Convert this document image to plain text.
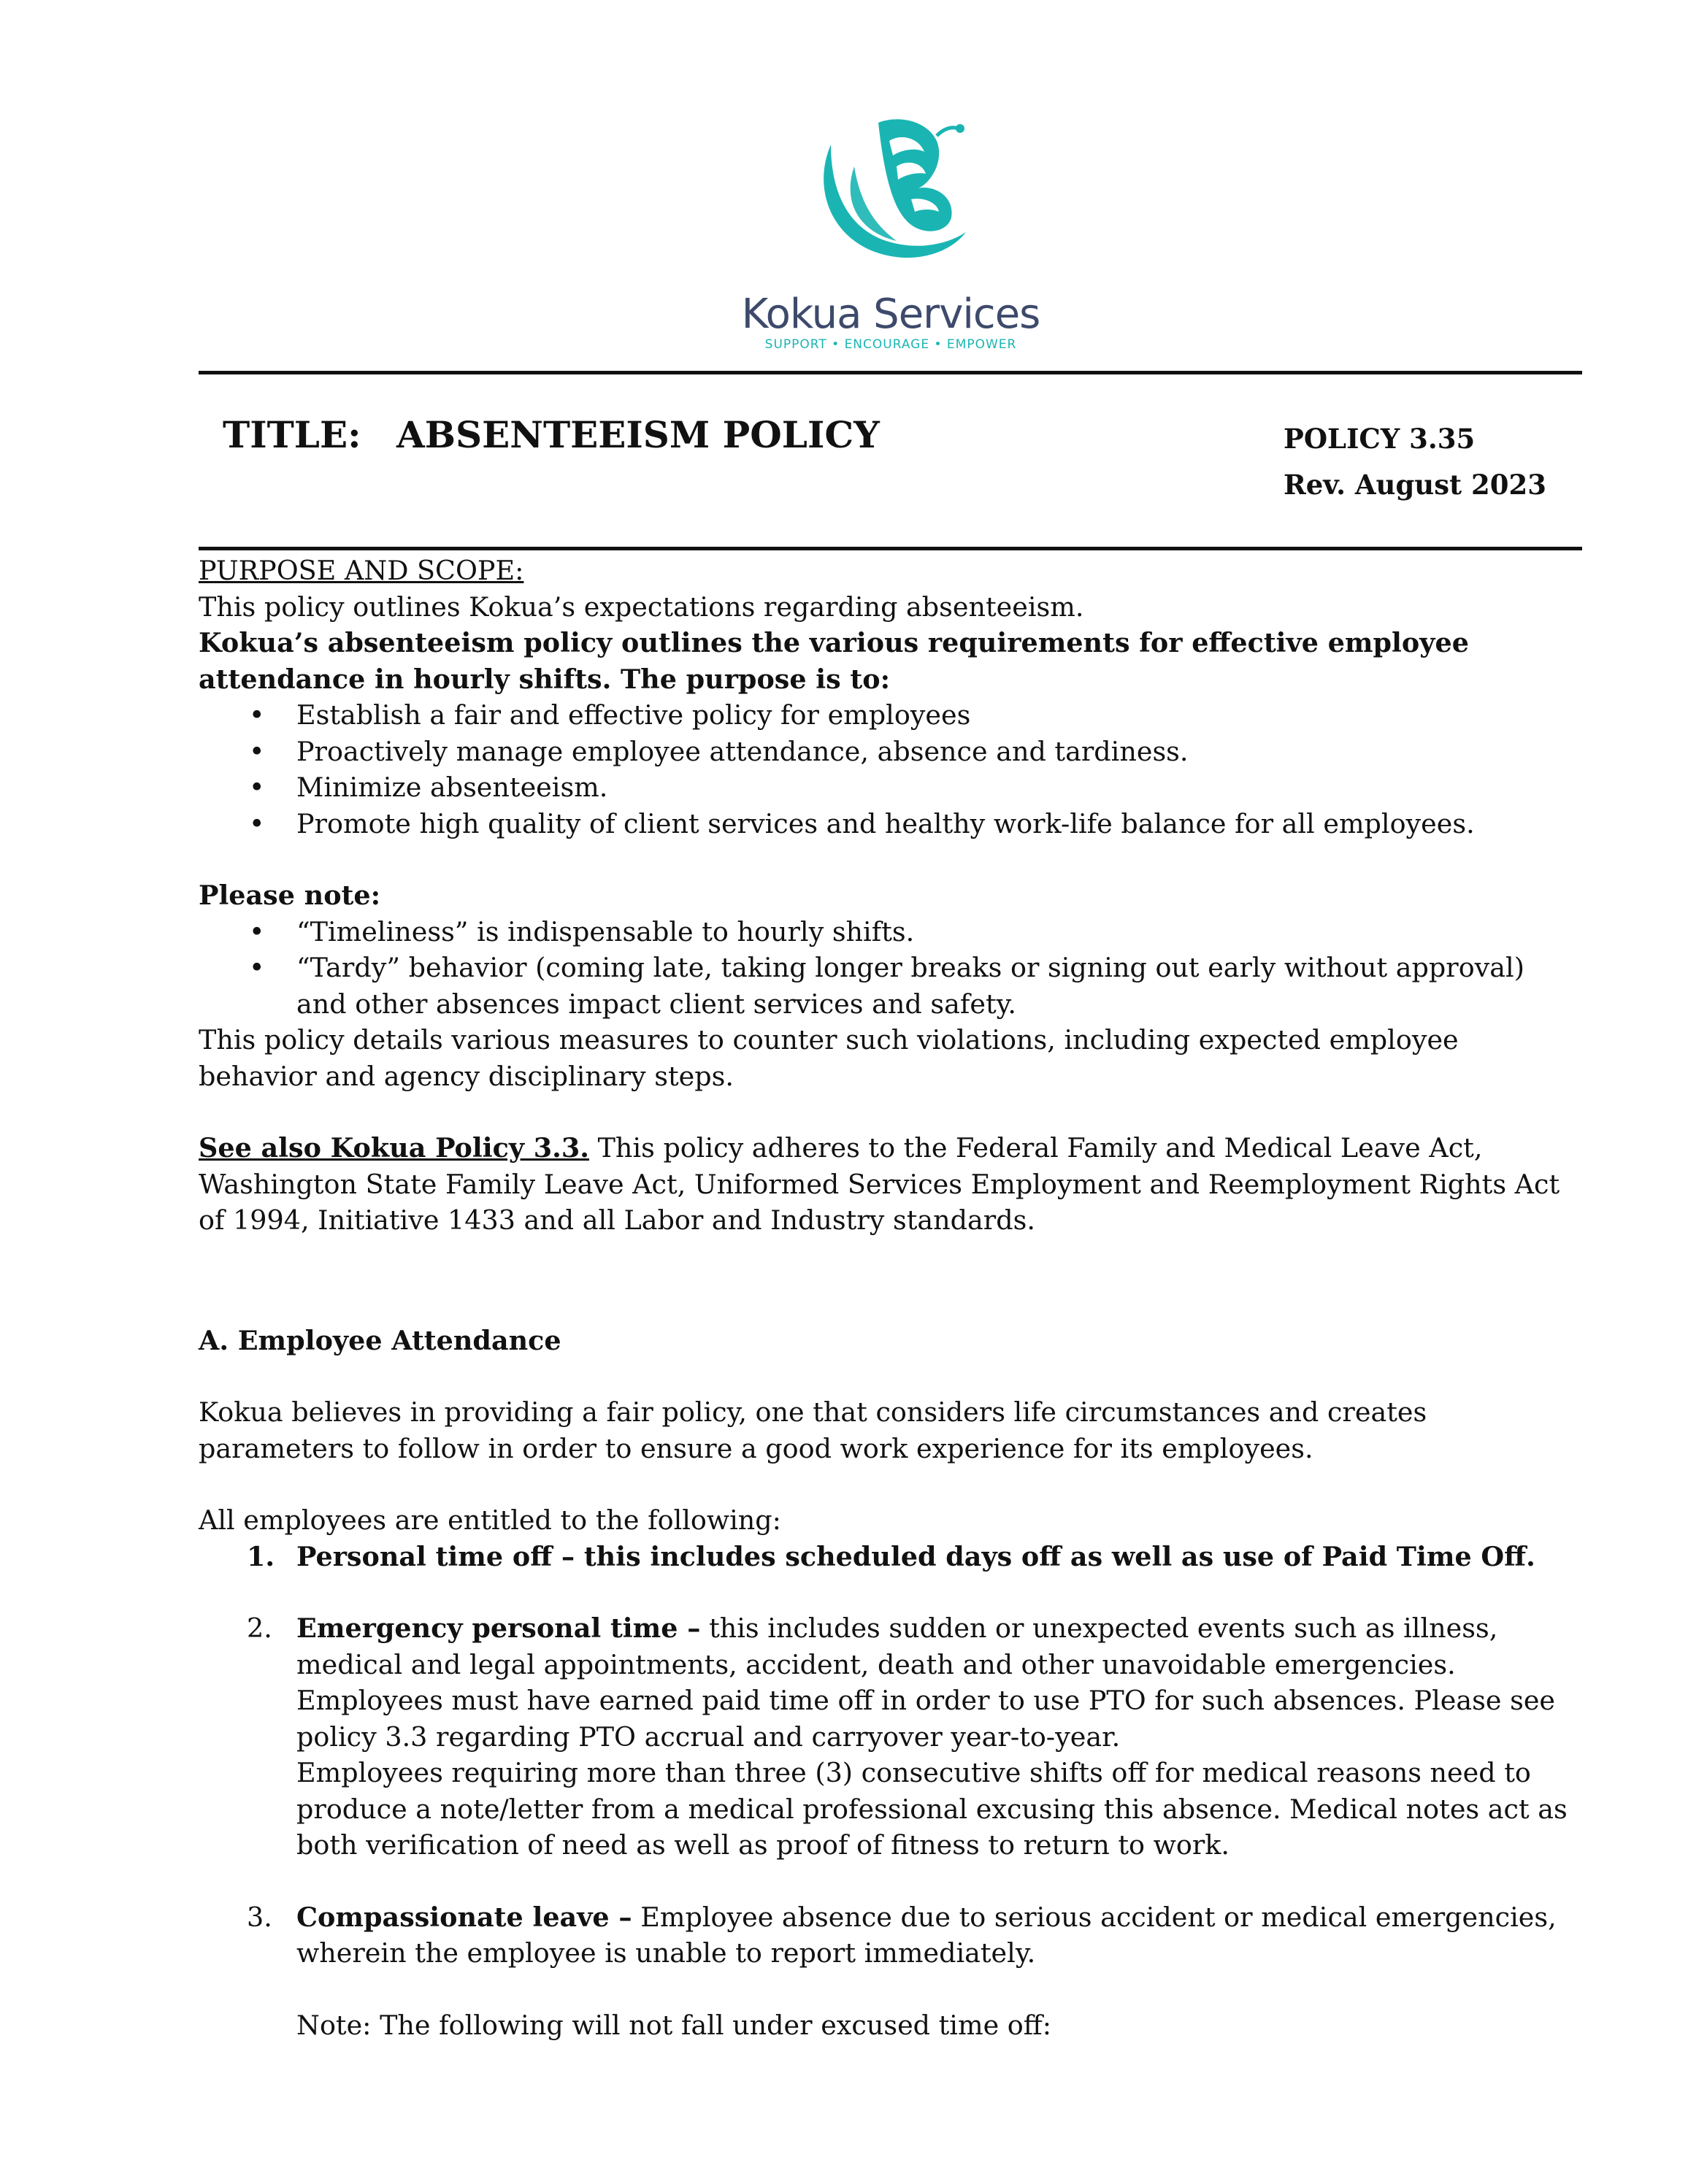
Kokua Services
SUPPORT • ENCOURAGE • EMPOWER
TITLE: ABSENTEEISM POLICY	POLICY 3.35
Rev. August 2023

PURPOSE AND SCOPE:

This policy outlines Kokua’s expectations regarding absenteeism.

Kokua’s absenteeism policy outlines the various requirements for effective employee attendance in hourly shifts. The purpose is to:

• Establish a fair and effective policy for employees
• Proactively manage employee attendance, absence and tardiness.
• Minimize absenteeism.
• Promote high quality of client services and healthy work-life balance for all employees.

Please note:

• “Timeliness” is indispensable to hourly shifts.
• “Tardy” behavior (coming late, taking longer breaks or signing out early without approval) and other absences impact client services and safety.

This policy details various measures to counter such violations, including expected employee behavior and agency disciplinary steps.

See also Kokua Policy 3.3. This policy adheres to the Federal Family and Medical Leave Act, Washington State Family Leave Act, Uniformed Services Employment and Reemployment Rights Act of 1994, Initiative 1433 and all Labor and Industry standards.

A. Employee Attendance

Kokua believes in providing a fair policy, one that considers life circumstances and creates parameters to follow in order to ensure a good work experience for its employees.

All employees are entitled to the following:

1. Personal time off – this includes scheduled days off as well as use of Paid Time Off.
2. Emergency personal time – this includes sudden or unexpected events such as illness, medical and legal appointments, accident, death and other unavoidable emergencies.
Employees must have earned paid time off in order to use PTO for such absences. Please see policy 3.3 regarding PTO accrual and carryover year-to-year.
Employees requiring more than three (3) consecutive shifts off for medical reasons need to produce a note/letter from a medical professional excusing this absence. Medical notes act as both verification of need as well as proof of fitness to return to work.
3. Compassionate leave – Employee absence due to serious accident or medical emergencies, wherein the employee is unable to report immediately.

Note: The following will not fall under excused time off:
